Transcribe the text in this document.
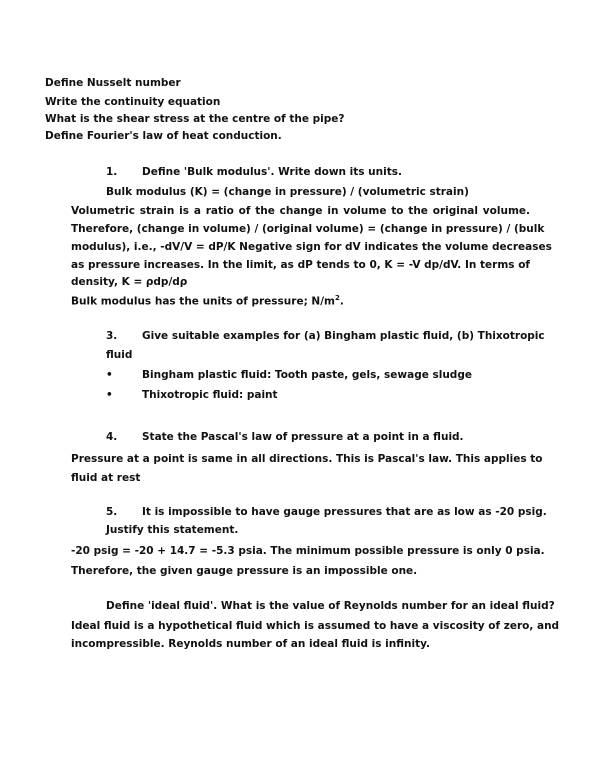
Define Nusselt number
Write the continuity equation
What is the shear stress at the centre of the pipe?
Define Fourier's law of heat conduction.
1. Define 'Bulk modulus'. Write down its units.
Bulk modulus (K) = (change in pressure) / (volumetric strain)
Volumetric strain is a ratio of the change in volume to the original volume.
Therefore, (change in volume) / (original volume) = (change in pressure) / (bulk
modulus), i.e., -dV/V = dP/K Negative sign for dV indicates the volume decreases
as pressure increases. In the limit, as dP tends to 0, K = -V dp/dV. In terms of
density, K = ρdp/dρ
Bulk modulus has the units of pressure; $N/m^2$.
3. Give suitable examples for (a) Bingham plastic fluid, (b) Thixotropic
fluid
•	Bingham plastic fluid: Tooth paste, gels, sewage sludge
•	Thixotropic fluid: paint
4. State the Pascal's law of pressure at a point in a fluid.
Pressure at a point is same in all directions. This is Pascal's law. This applies to
fluid at rest
5. It is impossible to have gauge pressures that are as low as -20 psig.
Justify this statement.
-20 psig = -20 + 14.7 = -5.3 psia. The minimum possible pressure is only 0 psia.
Therefore, the given gauge pressure is an impossible one.
Define 'ideal fluid'. What is the value of Reynolds number for an ideal fluid?
Ideal fluid is a hypothetical fluid which is assumed to have a viscosity of zero, and
incompressible. Reynolds number of an ideal fluid is infinity.
